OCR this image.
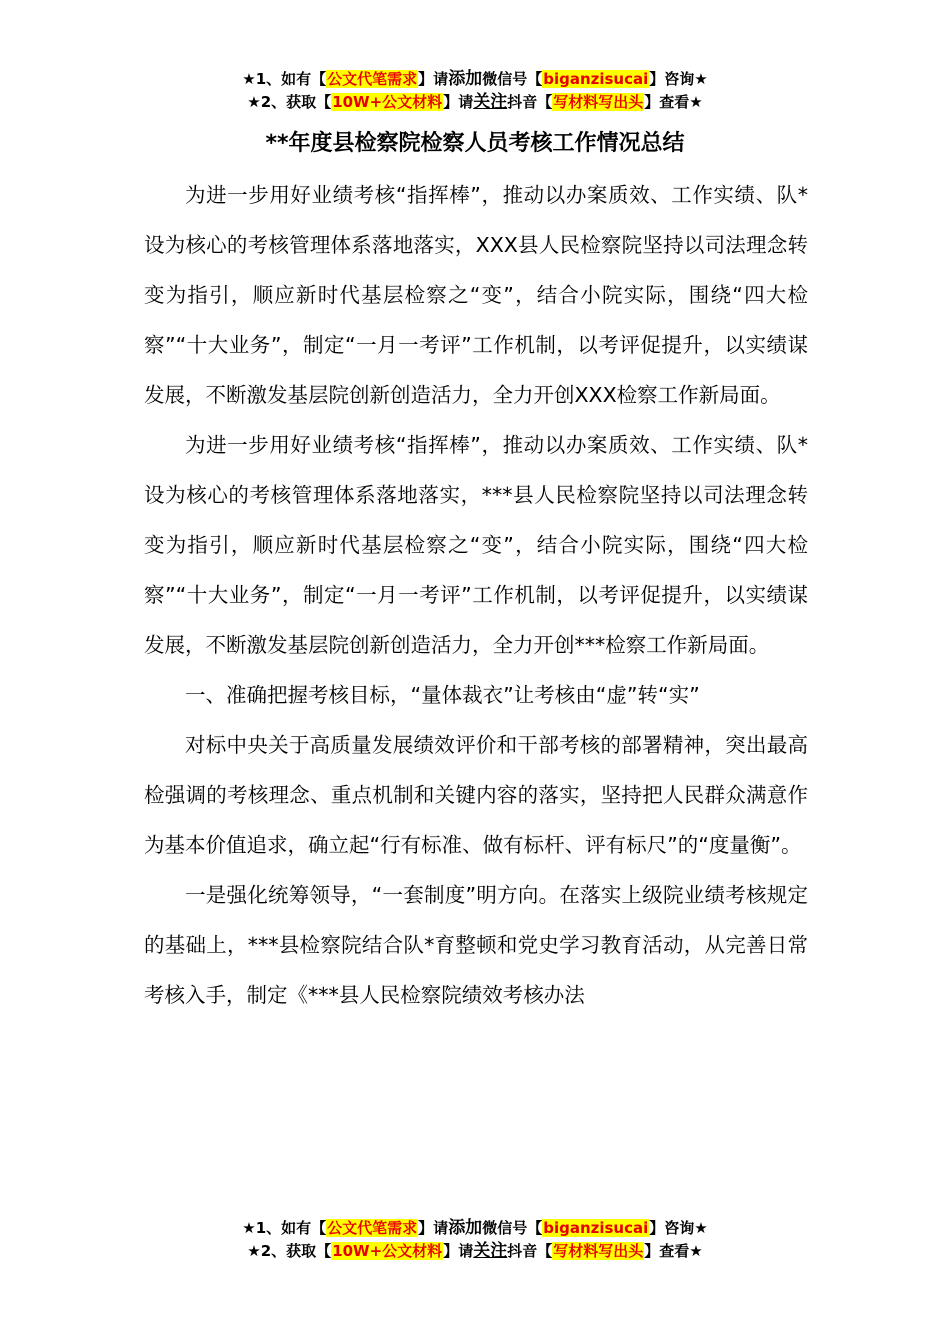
★1、如有【公文代笔需求】请添加微信号【biganzisucai】咨询★
★2、获取【10W+公文材料】请关注抖音【写材料写出头】查看★
**年度县检察院检察人员考核工作情况总结

为进一步用好业绩考核“指挥棒”，推动以办案质效、工作实绩、队*设为核心的考核管理体系落地落实，XXX县人民检察院坚持以司法理念转变为指引，顺应新时代基层检察之“变”，结合小院实际，围绕“四大检察”“十大业务”，制定“一月一考评”工作机制，以考评促提升，以实绩谋发展，不断激发基层院创新创造活力，全力开创XXX检察工作新局面。

为进一步用好业绩考核“指挥棒”，推动以办案质效、工作实绩、队*设为核心的考核管理体系落地落实，***县人民检察院坚持以司法理念转变为指引，顺应新时代基层检察之“变”，结合小院实际，围绕“四大检察”“十大业务”，制定“一月一考评”工作机制，以考评促提升，以实绩谋发展，不断激发基层院创新创造活力，全力开创***检察工作新局面。

一、准确把握考核目标，“量体裁衣”让考核由“虚”转“实”

对标中央关于高质量发展绩效评价和干部考核的部署精神，突出最高检强调的考核理念、重点机制和关键内容的落实，坚持把人民群众满意作为基本价值追求，确立起“行有标准、做有标杆、评有标尺”的“度量衡”。

一是强化统筹领导，“一套制度”明方向。在落实上级院业绩考核规定的基础上，***县检察院结合队*育整顿和党史学习教育活动，从完善日常考核入手，制定《***县人民检察院绩效考核办法

★1、如有【公文代笔需求】请添加微信号【biganzisucai】咨询★
★2、获取【10W+公文材料】请关注抖音【写材料写出头】查看★
